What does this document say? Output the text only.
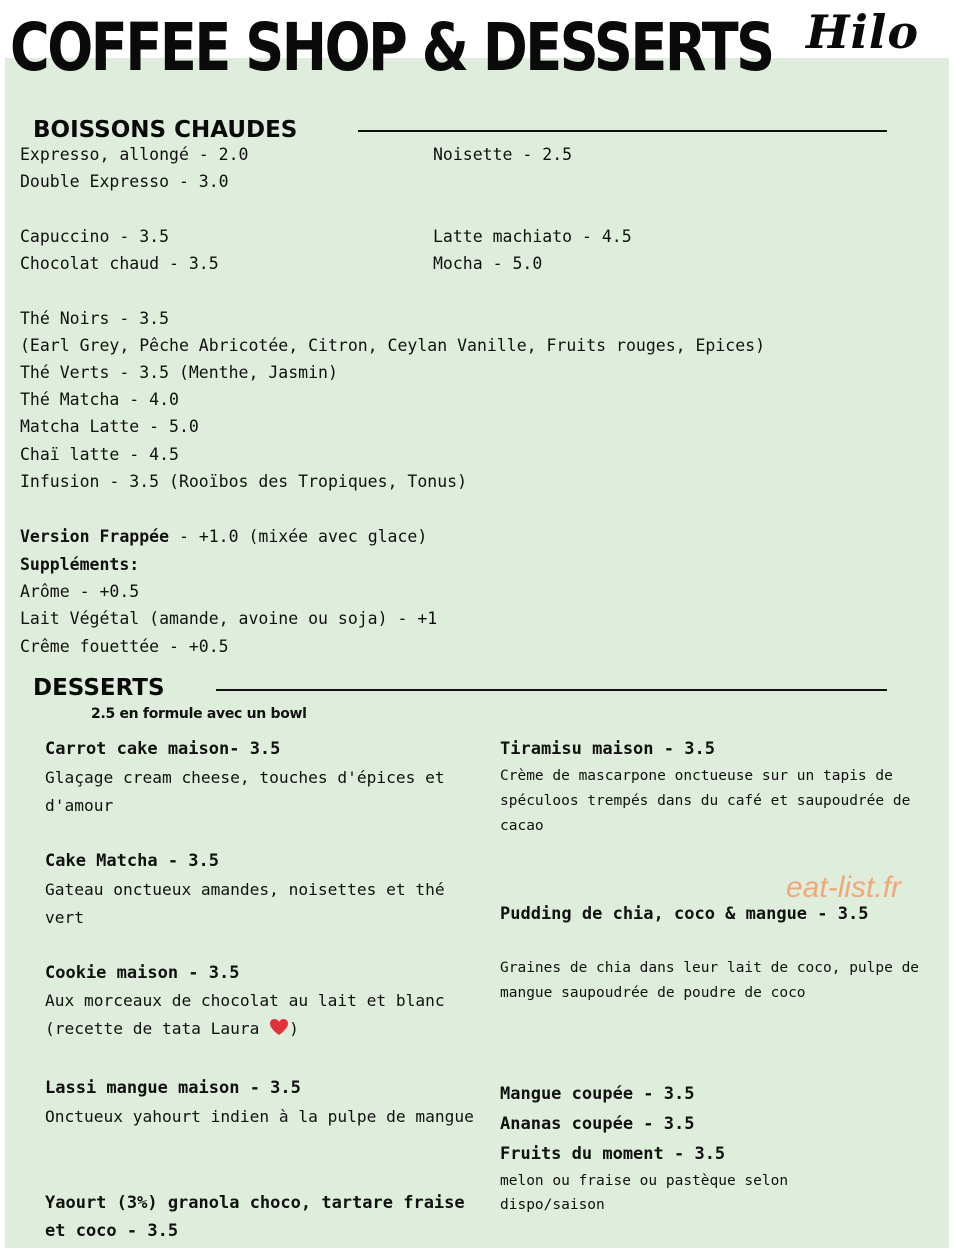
COFFEE SHOP & DESSERTS Hilo
BOISSONS CHAUDES
Expresso, allongé - 2.0
Double Expresso - 3.0
Noisette - 2.5
Capuccino - 3.5
Chocolat chaud - 3.5
Latte machiato - 4.5
Mocha - 5.0
Thé Noirs - 3.5
(Earl Grey, Pêche Abricotée, Citron, Ceylan Vanille, Fruits rouges, Epices)
Thé Verts - 3.5 (Menthe, Jasmin)
Thé Matcha - 4.0
Matcha Latte - 5.0
Chaï latte - 4.5
Infusion - 3.5 (Rooïbos des Tropiques, Tonus)
Version Frappée - +1.0 (mixée avec glace)
Suppléments:
Arôme - +0.5
Lait Végétal (amande, avoine ou soja) - +1
Crême fouettée - +0.5
DESSERTS
2.5 en formule avec un bowl
Carrot cake maison- 3.5
Glaçage cream cheese, touches d'épices et d'amour
Cake Matcha - 3.5
Gateau onctueux amandes, noisettes et thé vert
Cookie maison - 3.5
Aux morceaux de chocolat au lait et blanc (recette de tata Laura )
Lassi mangue maison - 3.5
Onctueux yahourt indien à la pulpe de mangue
Yaourt (3%) granola choco, tartare fraise et coco - 3.5
Tiramisu maison - 3.5
Crème de mascarpone onctueuse sur un tapis de spéculoos trempés dans du café et saupoudrée de cacao
Pudding de chia, coco & mangue - 3.5
Graines de chia dans leur lait de coco, pulpe de mangue saupoudrée de poudre de coco
Mangue coupée - 3.5
Ananas coupée - 3.5
Fruits du moment - 3.5
melon ou fraise ou pastèque selon dispo/saison
eat-list.fr
